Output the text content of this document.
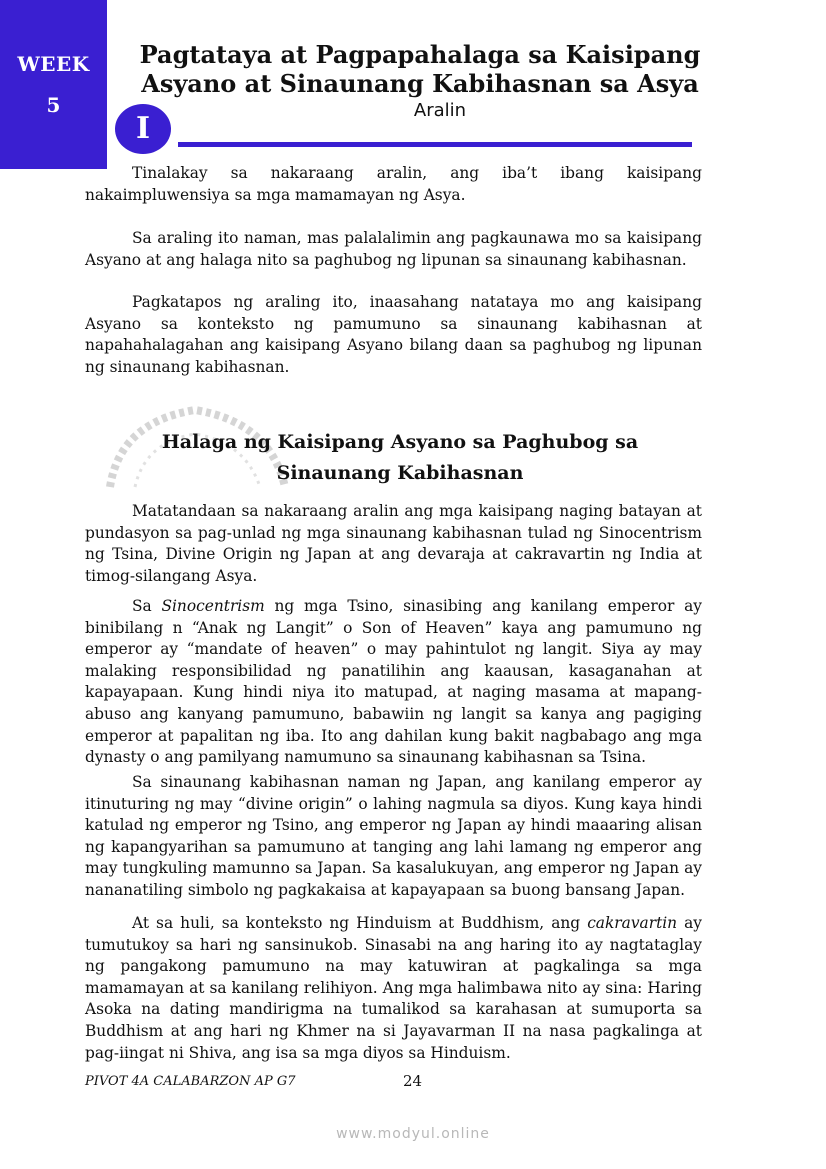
WEEK
5
Pagtataya at Pagpapahalaga sa Kaisipang
Asyano at Sinaunang Kabihasnan sa Asya
Aralin
I

Tinalakay sa nakaraang aralin, ang iba’t ibang kaisipang nakaimpluwensiya sa mga mamamayan ng Asya.

Sa araling ito naman, mas palalalimin ang pagkaunawa mo sa kaisipang Asyano at ang halaga nito sa paghubog ng lipunan sa sinaunang kabihasnan.

Pagkatapos ng araling ito, inaasahang natataya mo ang kaisipang Asyano sa konteksto ng pamumuno sa sinaunang kabihasnan at napahahalagahan ang kaisipang Asyano bilang daan sa paghubog ng lipunan ng sinaunang kabihasnan.

Halaga ng Kaisipang Asyano sa Paghubog sa
Sinaunang Kabihasnan

Matatandaan sa nakaraang aralin ang mga kaisipang naging batayan at pundasyon sa pag-unlad ng mga sinaunang kabihasnan tulad ng Sinocentrism ng Tsina, Divine Origin ng Japan at ang devaraja at cakravartin ng India at timog-silangang Asya.

Sa Sinocentrism ng mga Tsino, sinasibing ang kanilang emperor ay binibilang n “Anak ng Langit” o Son of Heaven” kaya ang pamumuno ng emperor ay “mandate of heaven” o may pahintulot ng langit. Siya ay may malaking responsibilidad ng panatilihin ang kaausan, kasaganahan at kapayapaan. Kung hindi niya ito matupad, at naging masama at mapang-abuso ang kanyang pamumuno, babawiin ng langit sa kanya ang pagiging emperor at papalitan ng iba. Ito ang dahilan kung bakit nagbabago ang mga dynasty o ang pamilyang namumuno sa sinaunang kabihasnan sa Tsina.

Sa sinaunang kabihasnan naman ng Japan, ang kanilang emperor ay itinuturing ng may “divine origin” o lahing nagmula sa diyos. Kung kaya hindi katulad ng emperor ng Tsino, ang emperor ng Japan ay hindi maaaring alisan ng kapangyarihan sa pamumuno at tanging ang lahi lamang ng emperor ang may tungkuling mamunno sa Japan. Sa kasalukuyan, ang emperor ng Japan ay nananatiling simbolo ng pagkakaisa at kapayapaan sa buong bansang Japan.

At sa huli, sa konteksto ng Hinduism at Buddhism, ang cakravartin ay tumutukoy sa hari ng sansinukob. Sinasabi na ang haring ito ay nagtataglay ng pangakong pamumuno na may katuwiran at pagkalinga sa mga mamamayan at sa kanilang relihiyon. Ang mga halimbawa nito ay sina: Haring Asoka na dating mandirigma na tumalikod sa karahasan at sumuporta sa Buddhism at ang hari ng Khmer na si Jayavarman II na nasa pagkalinga at pag-iingat ni Shiva, ang isa sa mga diyos sa Hinduism.

PIVOT 4A CALABARZON AP G7	24
www.modyul.online
